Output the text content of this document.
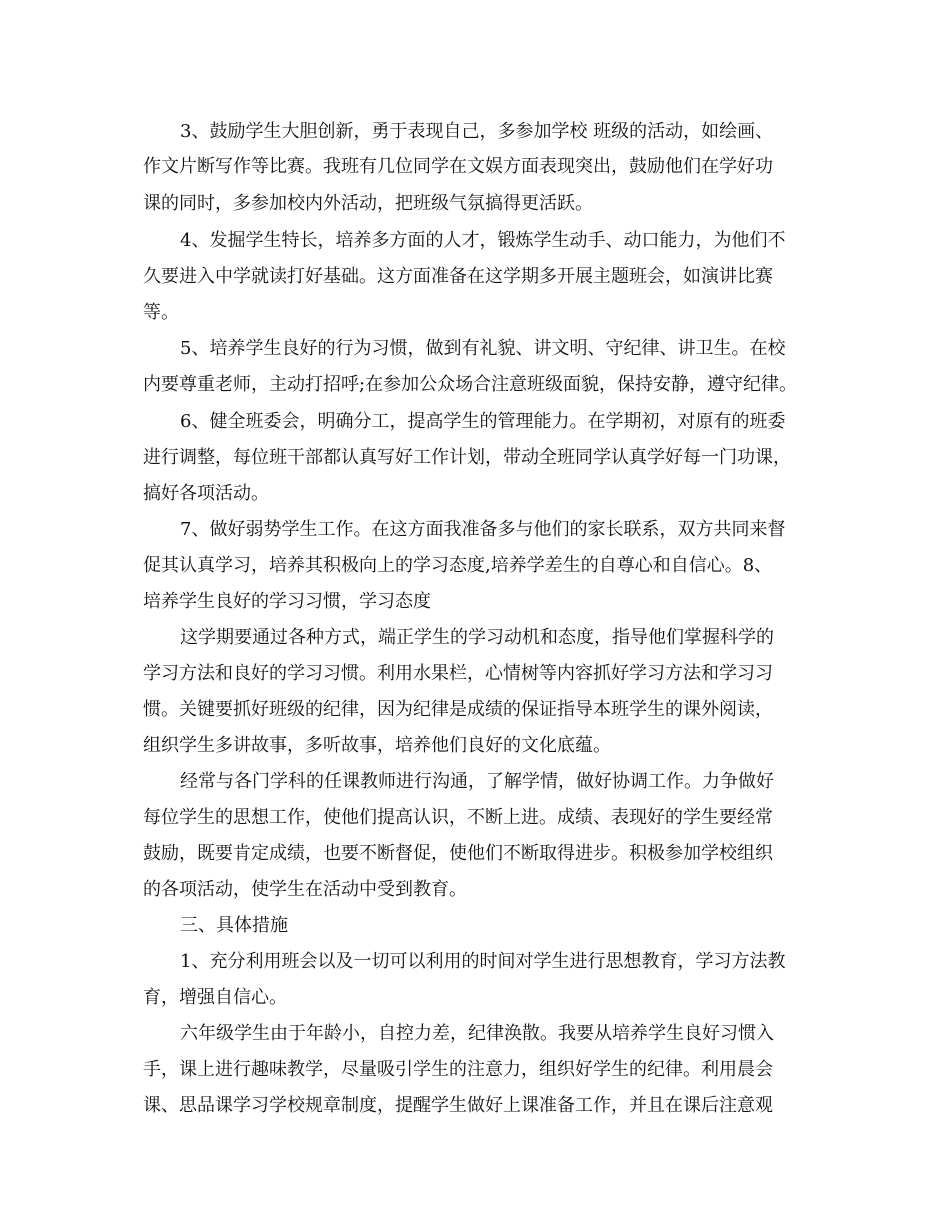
3、鼓励学生大胆创新，勇于表现自己，多参加学校 班级的活动，如绘画、
作文片断写作等比赛。我班有几位同学在文娱方面表现突出，鼓励他们在学好功
课的同时，多参加校内外活动，把班级气氛搞得更活跃。
4、发掘学生特长，培养多方面的人才，锻炼学生动手、动口能力，为他们不
久要进入中学就读打好基础。这方面准备在这学期多开展主题班会，如演讲比赛
等。
5、培养学生良好的行为习惯，做到有礼貌、讲文明、守纪律、讲卫生。在校
内要尊重老师，主动打招呼;在参加公众场合注意班级面貌，保持安静，遵守纪律。
6、健全班委会，明确分工，提高学生的管理能力。在学期初，对原有的班委
进行调整，每位班干部都认真写好工作计划，带动全班同学认真学好每一门功课，
搞好各项活动。
7、做好弱势学生工作。在这方面我准备多与他们的家长联系，双方共同来督
促其认真学习，培养其积极向上的学习态度,培养学差生的自尊心和自信心。8、
培养学生良好的学习习惯，学习态度
这学期要通过各种方式，端正学生的学习动机和态度，指导他们掌握科学的
学习方法和良好的学习习惯。利用水果栏，心情树等内容抓好学习方法和学习习
惯。关键要抓好班级的纪律，因为纪律是成绩的保证指导本班学生的课外阅读，
组织学生多讲故事，多听故事，培养他们良好的文化底蕴。
经常与各门学科的任课教师进行沟通，了解学情，做好协调工作。力争做好
每位学生的思想工作，使他们提高认识，不断上进。成绩、表现好的学生要经常
鼓励，既要肯定成绩，也要不断督促，使他们不断取得进步。积极参加学校组织
的各项活动，使学生在活动中受到教育。
三、具体措施
1、充分利用班会以及一切可以利用的时间对学生进行思想教育，学习方法教
育，增强自信心。
六年级学生由于年龄小，自控力差，纪律涣散。我要从培养学生良好习惯入
手，课上进行趣味教学，尽量吸引学生的注意力，组织好学生的纪律。利用晨会
课、思品课学习学校规章制度，提醒学生做好上课准备工作，并且在课后注意观
